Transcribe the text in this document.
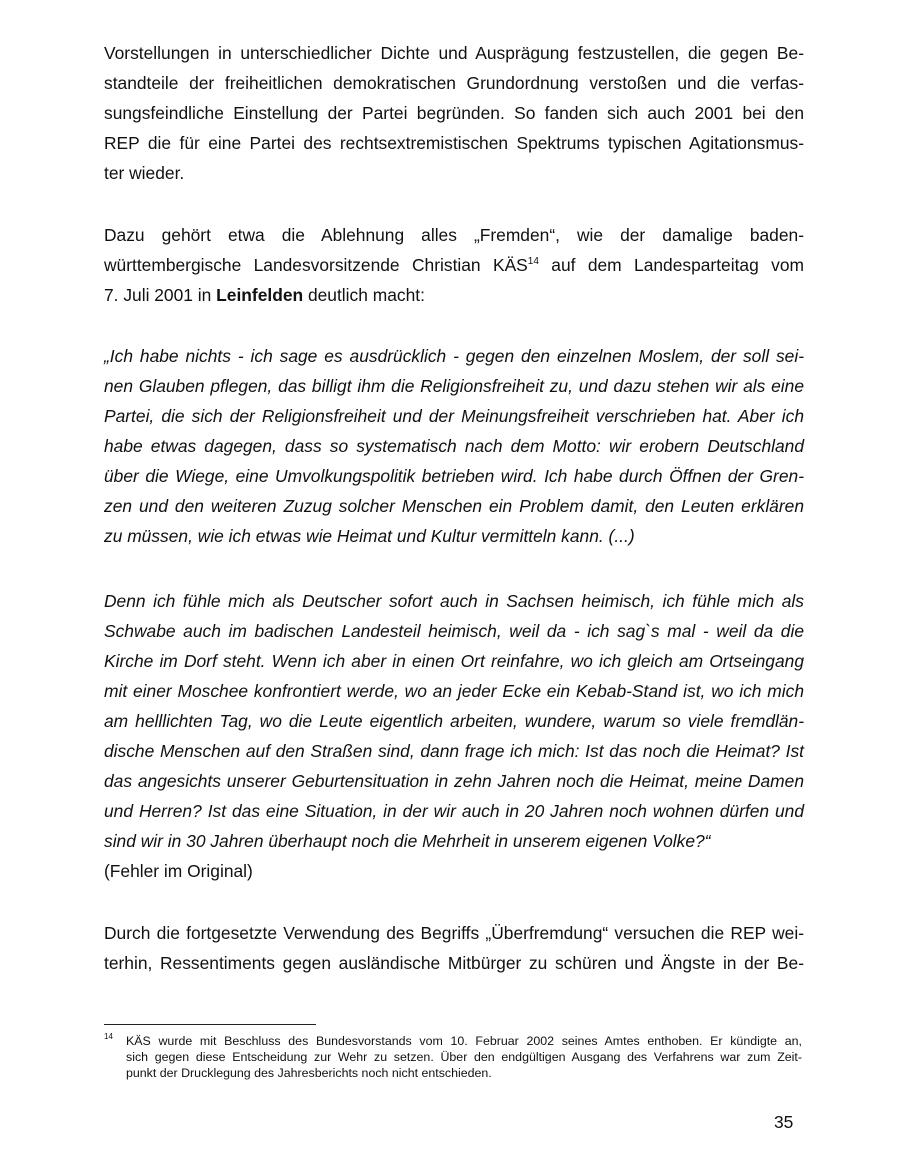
Vorstellungen in unterschiedlicher Dichte und Ausprägung festzustellen, die gegen Be-
standteile der freiheitlichen demokratischen Grundordnung verstoßen und die verfas-
sungsfeindliche Einstellung der Partei begründen. So fanden sich auch 2001 bei den
REP die für eine Partei des rechtsextremistischen Spektrums typischen Agitationsmus-
ter wieder.
Dazu gehört etwa die Ablehnung alles „Fremden“, wie der damalige baden-
württembergische Landesvorsitzende Christian KÄS$^{14}$ auf dem Landesparteitag vom
7. Juli 2001 in Leinfelden deutlich macht:
„Ich habe nichts - ich sage es ausdrücklich - gegen den einzelnen Moslem, der soll sei-
nen Glauben pflegen, das billigt ihm die Religionsfreiheit zu, und dazu stehen wir als eine
Partei, die sich der Religionsfreiheit und der Meinungsfreiheit verschrieben hat. Aber ich
habe etwas dagegen, dass so systematisch nach dem Motto: wir erobern Deutschland
über die Wiege, eine Umvolkungspolitik betrieben wird. Ich habe durch Öffnen der Gren-
zen und den weiteren Zuzug solcher Menschen ein Problem damit, den Leuten erklären
zu müssen, wie ich etwas wie Heimat und Kultur vermitteln kann. (...)
Denn ich fühle mich als Deutscher sofort auch in Sachsen heimisch, ich fühle mich als
Schwabe auch im badischen Landesteil heimisch, weil da - ich sag`s mal - weil da die
Kirche im Dorf steht. Wenn ich aber in einen Ort reinfahre, wo ich gleich am Ortseingang
mit einer Moschee konfrontiert werde, wo an jeder Ecke ein Kebab-Stand ist, wo ich mich
am helllichten Tag, wo die Leute eigentlich arbeiten, wundere, warum so viele fremdlän-
dische Menschen auf den Straßen sind, dann frage ich mich: Ist das noch die Heimat? Ist
das angesichts unserer Geburtensituation in zehn Jahren noch die Heimat, meine Damen
und Herren? Ist das eine Situation, in der wir auch in 20 Jahren noch wohnen dürfen und
sind wir in 30 Jahren überhaupt noch die Mehrheit in unserem eigenen Volke?“
(Fehler im Original)
Durch die fortgesetzte Verwendung des Begriffs „Überfremdung“ versuchen die REP wei-
terhin, Ressentiments gegen ausländische Mitbürger zu schüren und Ängste in der Be-
14 KÄS wurde mit Beschluss des Bundesvorstands vom 10. Februar 2002 seines Amtes enthoben. Er kündigte an,
sich gegen diese Entscheidung zur Wehr zu setzen. Über den endgültigen Ausgang des Verfahrens war zum Zeit-
punkt der Drucklegung des Jahresberichts noch nicht entschieden.
35
